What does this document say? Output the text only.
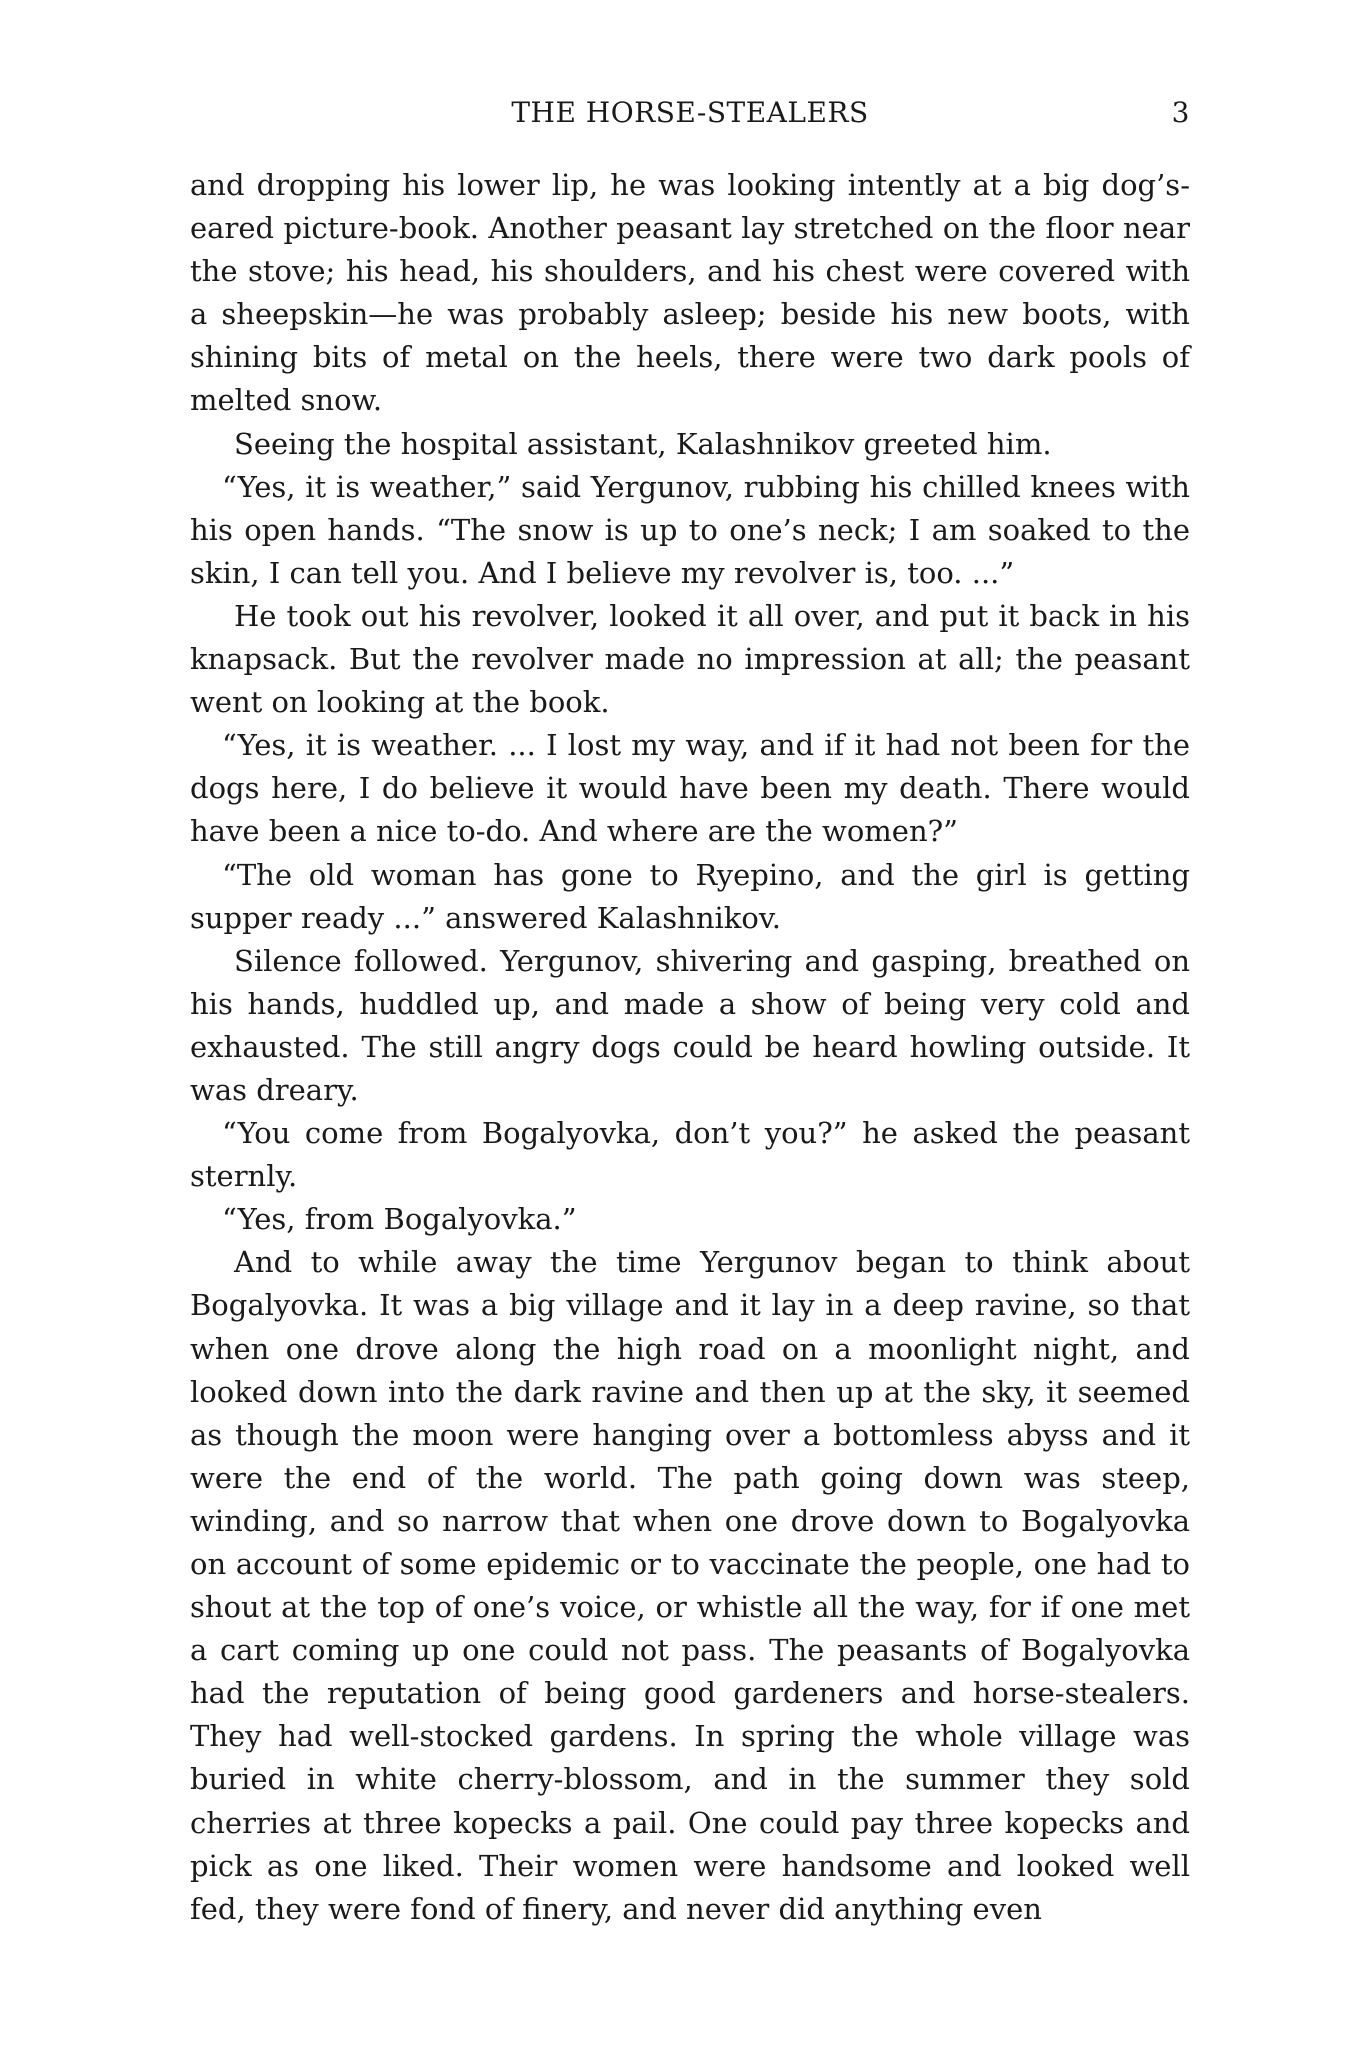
THE HORSE-STEALERS	3

and dropping his lower lip, he was looking intently at a big dog’s-eared picture-book. Another peasant lay stretched on the floor near the stove; his head, his shoulders, and his chest were covered with a sheepskin—he was probably asleep; beside his new boots, with shining bits of metal on the heels, there were two dark pools of melted snow.

Seeing the hospital assistant, Kalashnikov greeted him.

“Yes, it is weather,” said Yergunov, rubbing his chilled knees with his open hands. “The snow is up to one’s neck; I am soaked to the skin, I can tell you. And I believe my revolver is, too. ...”

He took out his revolver, looked it all over, and put it back in his knapsack. But the revolver made no impression at all; the peasant went on looking at the book.

“Yes, it is weather. ... I lost my way, and if it had not been for the dogs here, I do believe it would have been my death. There would have been a nice to-do. And where are the women?”

“The old woman has gone to Ryepino, and the girl is getting supper ready ...” answered Kalashnikov.

Silence followed. Yergunov, shivering and gasping, breathed on his hands, huddled up, and made a show of being very cold and exhausted. The still angry dogs could be heard howling outside. It was dreary.

“You come from Bogalyovka, don’t you?” he asked the peasant sternly.

“Yes, from Bogalyovka.”

And to while away the time Yergunov began to think about Bogalyovka. It was a big village and it lay in a deep ravine, so that when one drove along the high road on a moonlight night, and looked down into the dark ravine and then up at the sky, it seemed as though the moon were hanging over a bottomless abyss and it were the end of the world. The path going down was steep, winding, and so narrow that when one drove down to Bogalyovka on account of some epidemic or to vaccinate the people, one had to shout at the top of one’s voice, or whistle all the way, for if one met a cart coming up one could not pass. The peasants of Bogalyovka had the reputation of being good gardeners and horse-stealers. They had well-stocked gardens. In spring the whole village was buried in white cherry-blossom, and in the summer they sold cherries at three kopecks a pail. One could pay three kopecks and pick as one liked. Their women were handsome and looked well fed, they were fond of finery, and never did anything even
